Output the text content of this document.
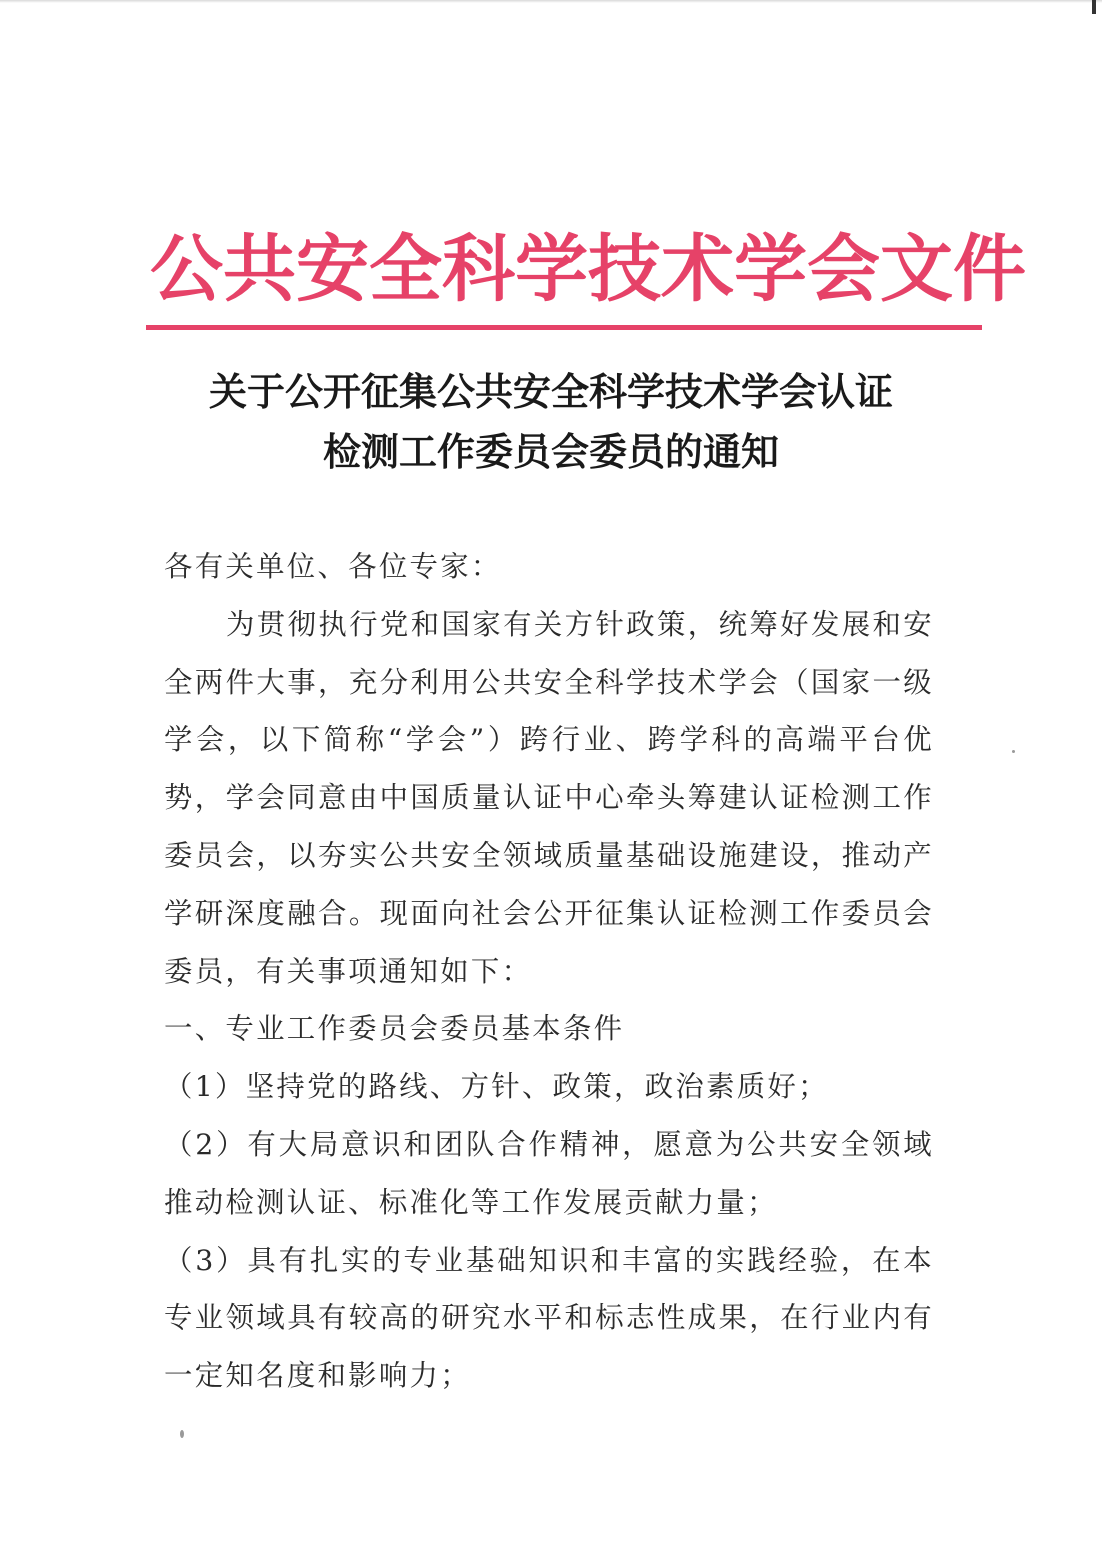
公共安全科学技术学会文件
关于公开征集公共安全科学技术学会认证
检测工作委员会委员的通知

各有关单位、各位专家：

为贯彻执行党和国家有关方针政策，统筹好发展和安全两件大事，充分利用公共安全科学技术学会（国家一级学会，以下简称“学会”）跨行业、跨学科的高端平台优势，学会同意由中国质量认证中心牵头筹建认证检测工作委员会，以夯实公共安全领域质量基础设施建设，推动产学研深度融合。现面向社会公开征集认证检测工作委员会委员，有关事项通知如下：

一、专业工作委员会委员基本条件

（1）坚持党的路线、方针、政策，政治素质好；

（2）有大局意识和团队合作精神，愿意为公共安全领域推动检测认证、标准化等工作发展贡献力量；

（3）具有扎实的专业基础知识和丰富的实践经验，在本专业领域具有较高的研究水平和标志性成果，在行业内有一定知名度和影响力；
